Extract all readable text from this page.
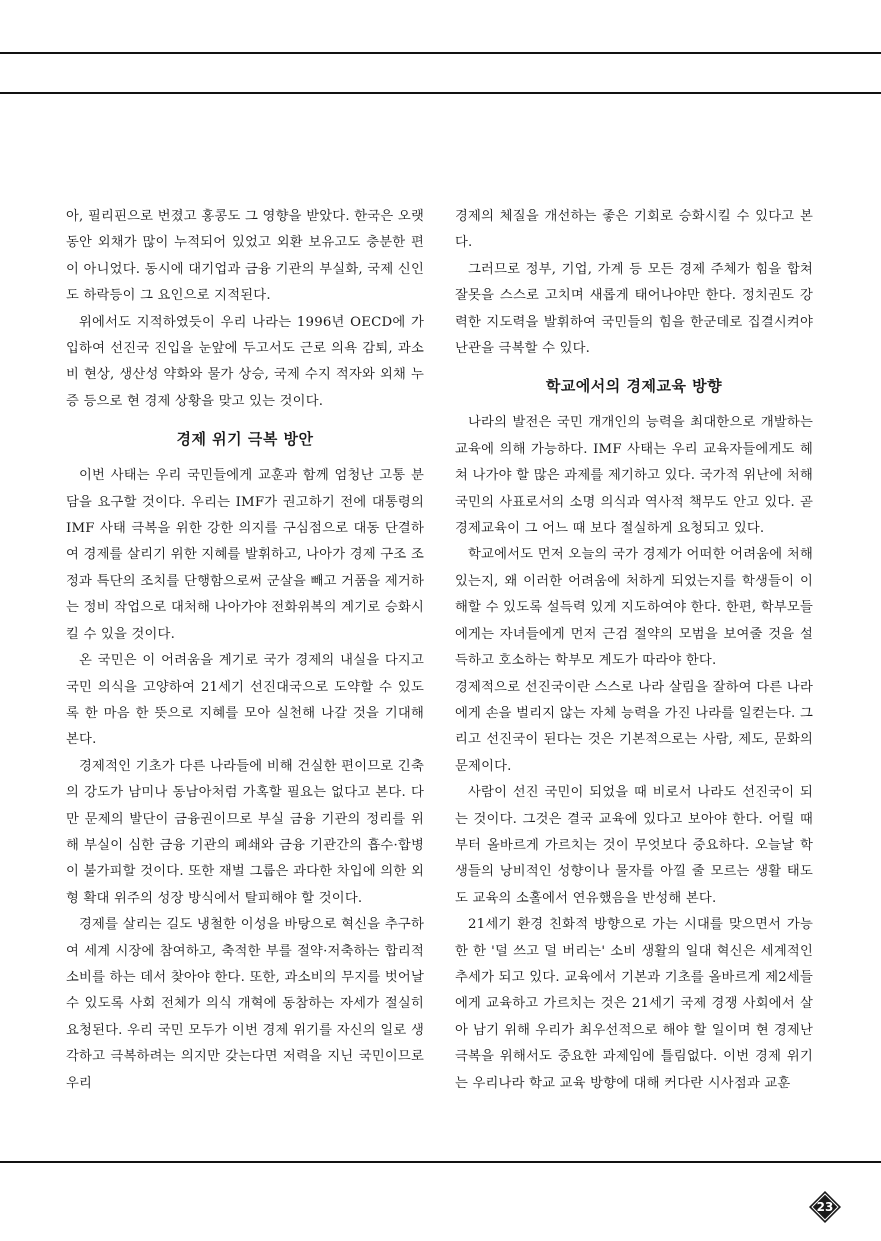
아, 필리핀으로 번졌고 홍콩도 그 영향을 받았다. 한국은 오랫동안 외채가 많이 누적되어 있었고 외환 보유고도 충분한 편이 아니었다. 동시에 대기업과 금융 기관의 부실화, 국제 신인도 하락등이 그 요인으로 지적된다.

위에서도 지적하였듯이 우리 나라는 1996년 OECD에 가입하여 선진국 진입을 눈앞에 두고서도 근로 의욕 감퇴, 과소비 현상, 생산성 약화와 물가 상승, 국제 수지 적자와 외채 누증 등으로 현 경제 상황을 맞고 있는 것이다.

경제 위기 극복 방안

이번 사태는 우리 국민들에게 교훈과 함께 엄청난 고통 분담을 요구할 것이다. 우리는 IMF가 권고하기 전에 대통령의 IMF 사태 극복을 위한 강한 의지를 구심점으로 대동 단결하여 경제를 살리기 위한 지혜를 발휘하고, 나아가 경제 구조 조정과 특단의 조치를 단행함으로써 군살을 빼고 거품을 제거하는 정비 작업으로 대처해 나아가야 전화위복의 계기로 승화시킬 수 있을 것이다.

온 국민은 이 어려움을 계기로 국가 경제의 내실을 다지고 국민 의식을 고양하여 21세기 선진대국으로 도약할 수 있도록 한 마음 한 뜻으로 지혜를 모아 실천해 나갈 것을 기대해 본다.

경제적인 기초가 다른 나라들에 비해 건실한 편이므로 긴축의 강도가 남미나 동남아처럼 가혹할 필요는 없다고 본다. 다만 문제의 발단이 금융권이므로 부실 금융 기관의 정리를 위해 부실이 심한 금융 기관의 폐쇄와 금융 기관간의 흡수·합병이 불가피할 것이다. 또한 재벌 그룹은 과다한 차입에 의한 외형 확대 위주의 성장 방식에서 탈피해야 할 것이다.

경제를 살리는 길도 냉철한 이성을 바탕으로 혁신을 추구하여 세계 시장에 참여하고, 축적한 부를 절약·저축하는 합리적 소비를 하는 데서 찾아야 한다. 또한, 과소비의 무지를 벗어날 수 있도록 사회 전체가 의식 개혁에 동참하는 자세가 절실히 요청된다. 우리 국민 모두가 이번 경제 위기를 자신의 일로 생각하고 극복하려는 의지만 갖는다면 저력을 지닌 국민이므로 우리

경제의 체질을 개선하는 좋은 기회로 승화시킬 수 있다고 본다.

그러므로 정부, 기업, 가계 등 모든 경제 주체가 힘을 합쳐 잘못을 스스로 고치며 새롭게 태어나야만 한다. 정치권도 강력한 지도력을 발휘하여 국민들의 힘을 한군데로 집결시켜야 난관을 극복할 수 있다.

학교에서의 경제교육 방향

나라의 발전은 국민 개개인의 능력을 최대한으로 개발하는 교육에 의해 가능하다. IMF 사태는 우리 교육자들에게도 헤쳐 나가야 할 많은 과제를 제기하고 있다. 국가적 위난에 처해 국민의 사표로서의 소명 의식과 역사적 책무도 안고 있다. 곧 경제교육이 그 어느 때 보다 절실하게 요청되고 있다.

학교에서도 먼저 오늘의 국가 경제가 어떠한 어려움에 처해 있는지, 왜 이러한 어려움에 처하게 되었는지를 학생들이 이해할 수 있도록 설득력 있게 지도하여야 한다. 한편, 학부모들에게는 자녀들에게 먼저 근검 절약의 모범을 보여줄 것을 설득하고 호소하는 학부모 계도가 따라야 한다.

경제적으로 선진국이란 스스로 나라 살림을 잘하여 다른 나라에게 손을 벌리지 않는 자체 능력을 가진 나라를 일컫는다. 그리고 선진국이 된다는 것은 기본적으로는 사람, 제도, 문화의 문제이다.

사람이 선진 국민이 되었을 때 비로서 나라도 선진국이 되는 것이다. 그것은 결국 교육에 있다고 보아야 한다. 어릴 때부터 올바르게 가르치는 것이 무엇보다 중요하다. 오늘날 학생들의 낭비적인 성향이나 물자를 아낄 줄 모르는 생활 태도도 교육의 소홀에서 연유했음을 반성해 본다.

21세기 환경 친화적 방향으로 가는 시대를 맞으면서 가능한 한 '덜 쓰고 덜 버리는' 소비 생활의 일대 혁신은 세계적인 추세가 되고 있다. 교육에서 기본과 기초를 올바르게 제2세들에게 교육하고 가르치는 것은 21세기 국제 경쟁 사회에서 살아 남기 위해 우리가 최우선적으로 해야 할 일이며 현 경제난 극복을 위해서도 중요한 과제임에 틀림없다. 이번 경제 위기는 우리나라 학교 교육 방향에 대해 커다란 시사점과 교훈

23
